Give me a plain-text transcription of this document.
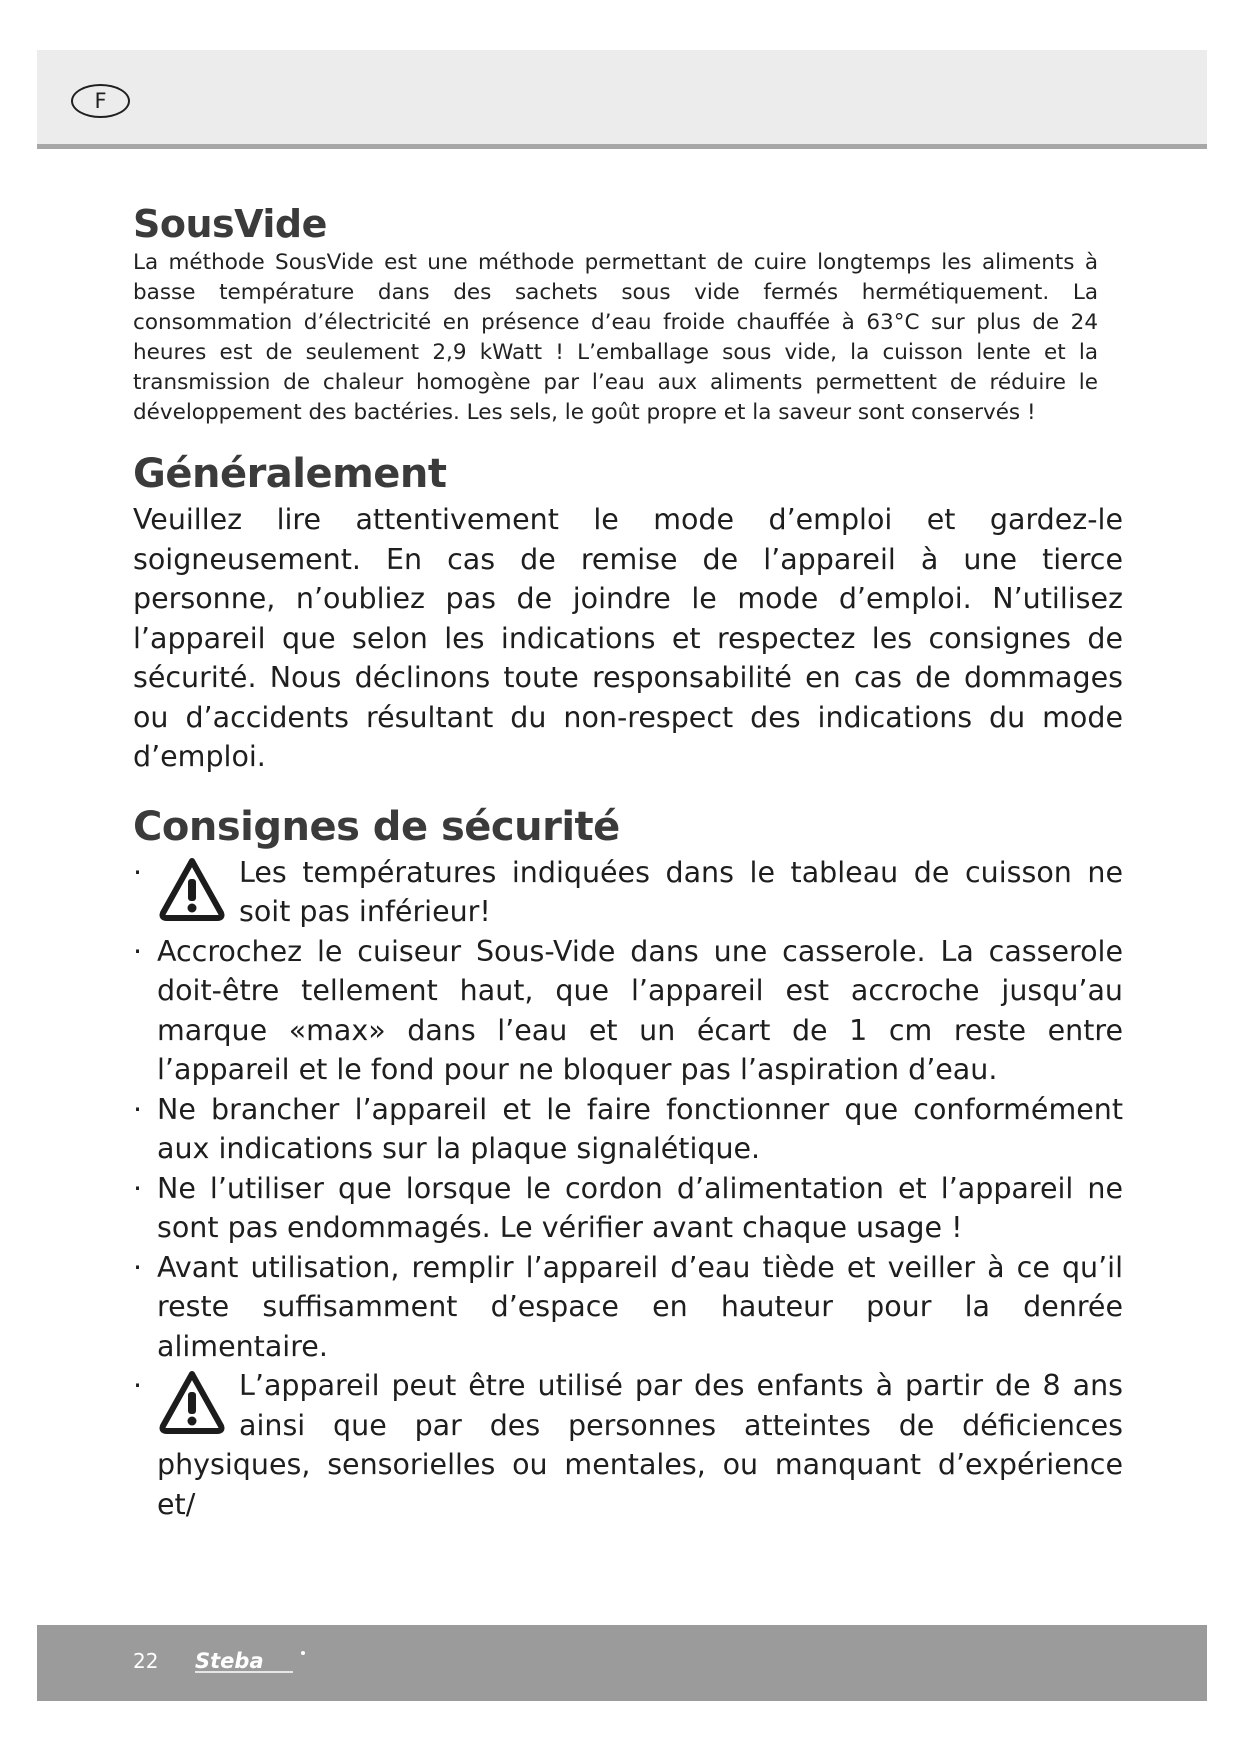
F
SousVide

La méthode SousVide est une méthode permettant de cuire longtemps les aliments à basse température dans des sachets sous vide fermés hermétiquement. La consommation d’électricité en présence d’eau froide chauffée à 63°C sur plus de 24 heures est de seulement 2,9 kWatt ! L’emballage sous vide, la cuisson lente et la transmission de chaleur homogène par l’eau aux aliments permettent de réduire le développement des bactéries. Les sels, le goût propre et la saveur sont conservés !

Généralement

Veuillez lire attentivement le mode d’emploi et gardez-le soigneusement. En cas de remise de l’appareil à une tierce personne, n’oubliez pas de joindre le mode d’emploi. N’utilisez l’appareil que selon les indications et respectez les consignes de sécurité. Nous déclinons toute responsabilité en cas de dommages ou d’accidents résultant du non-respect des indications du mode d’emploi.

Consignes de sécurité
·	Les températures indiquées dans le tableau de cuisson ne soit pas inférieur!
· Accrochez le cuiseur Sous-Vide dans une casserole. La casserole doit-être tellement haut, que l’appareil est accroche jusqu’au marque «max» dans l’eau et un écart de 1 cm reste entre l’appareil et le fond pour ne bloquer pas l’aspiration d’eau.
· Ne brancher l’appareil et le faire fonctionner que conformément aux indications sur la plaque signalétique.
· Ne l’utiliser que lorsque le cordon d’alimentation et l’appareil ne sont pas endommagés. Le vérifier avant chaque usage !
· Avant utilisation, remplir l’appareil d’eau tiède et veiller à ce qu’il reste suffisamment d’espace en hauteur pour la denrée alimentaire.
·	L’appareil peut être utilisé par des enfants à partir de 8 ans ainsi que par des personnes atteintes de déficiences physiques, sensorielles ou mentales, ou manquant d’expérience et/
22 Steba
